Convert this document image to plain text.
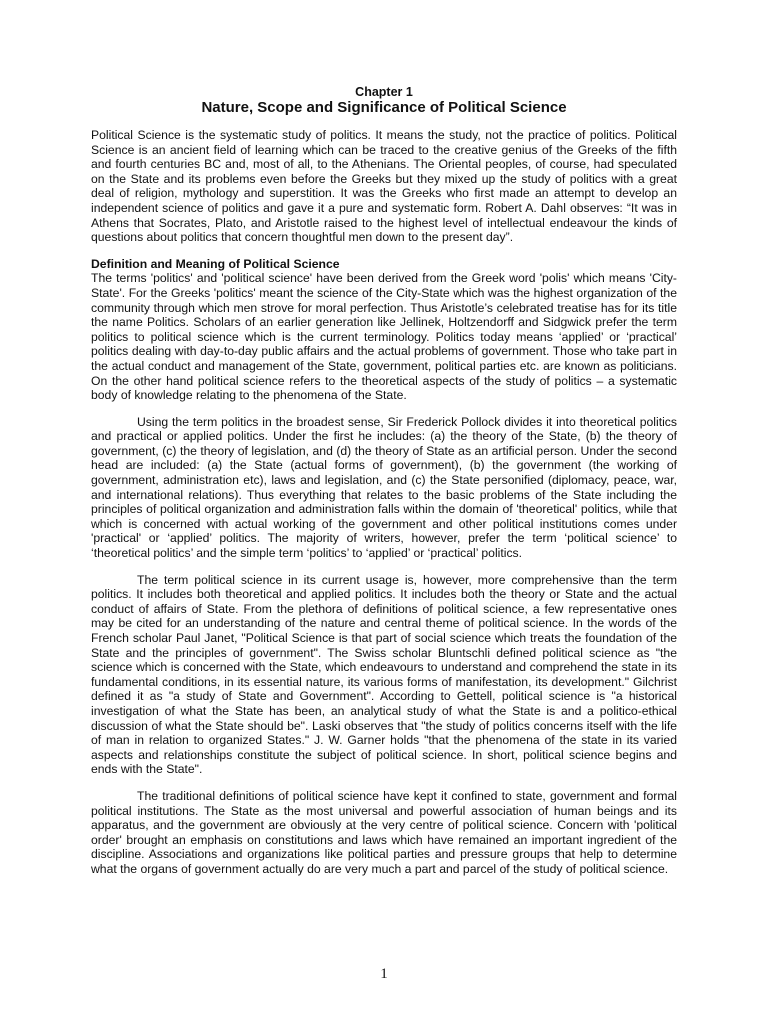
Chapter 1
Nature, Scope and Significance of Political Science

Political Science is the systematic study of politics. It means the study, not the practice of politics. Political Science is an ancient field of learning which can be traced to the creative genius of the Greeks of the fifth and fourth centuries BC and, most of all, to the Athenians. The Oriental peoples, of course, had speculated on the State and its problems even before the Greeks but they mixed up the study of politics with a great deal of religion, mythology and superstition. It was the Greeks who first made an attempt to develop an independent science of politics and gave it a pure and systematic form. Robert A. Dahl observes: “It was in Athens that Socrates, Plato, and Aristotle raised to the highest level of intellectual endeavour the kinds of questions about politics that concern thoughtful men down to the present day”.

Definition and Meaning of Political Science

The terms 'politics' and 'political science' have been derived from the Greek word 'polis' which means 'City-State'. For the Greeks 'politics' meant the science of the City-State which was the highest organization of the community through which men strove for moral perfection. Thus Aristotle’s celebrated treatise has for its title the name Politics. Scholars of an earlier generation like Jellinek, Holtzendorff and Sidgwick prefer the term politics to political science which is the current terminology. Politics today means ‘applied’ or ‘practical’ politics dealing with day-to-day public affairs and the actual problems of government. Those who take part in the actual conduct and management of the State, government, political parties etc. are known as politicians. On the other hand political science refers to the theoretical aspects of the study of politics – a systematic body of knowledge relating to the phenomena of the State.

Using the term politics in the broadest sense, Sir Frederick Pollock divides it into theoretical politics and practical or applied politics. Under the first he includes: (a) the theory of the State, (b) the theory of government, (c) the theory of legislation, and (d) the theory of State as an artificial person. Under the second head are included: (a) the State (actual forms of government), (b) the government (the working of government, administration etc), laws and legislation, and (c) the State personified (diplomacy, peace, war, and international relations). Thus everything that relates to the basic problems of the State including the principles of political organization and administration falls within the domain of 'theoretical' politics, while that which is concerned with actual working of the government and other political institutions comes under 'practical' or ‘applied’ politics. The majority of writers, however, prefer the term ‘political science’ to ‘theoretical politics’ and the simple term ‘politics’ to ‘applied’ or ‘practical’ politics.

The term political science in its current usage is, however, more comprehensive than the term politics. It includes both theoretical and applied politics. It includes both the theory or State and the actual conduct of affairs of State. From the plethora of definitions of political science, a few representative ones may be cited for an understanding of the nature and central theme of political science. In the words of the French scholar Paul Janet, "Political Science is that part of social science which treats the foundation of the State and the principles of government". The Swiss scholar Bluntschli defined political science as "the science which is concerned with the State, which endeavours to understand and comprehend the state in its fundamental conditions, in its essential nature, its various forms of manifestation, its development." Gilchrist defined it as "a study of State and Government". According to Gettell, political science is "a historical investigation of what the State has been, an analytical study of what the State is and a politico-ethical discussion of what the State should be". Laski observes that "the study of politics concerns itself with the life of man in relation to organized States." J. W. Garner holds "that the phenomena of the state in its varied aspects and relationships constitute the subject of political science. In short, political science begins and ends with the State".

The traditional definitions of political science have kept it confined to state, government and formal political institutions. The State as the most universal and powerful association of human beings and its apparatus, and the government are obviously at the very centre of political science. Concern with 'political order' brought an emphasis on constitutions and laws which have remained an important ingredient of the discipline. Associations and organizations like political parties and pressure groups that help to determine what the organs of government actually do are very much a part and parcel of the study of political science.

1
